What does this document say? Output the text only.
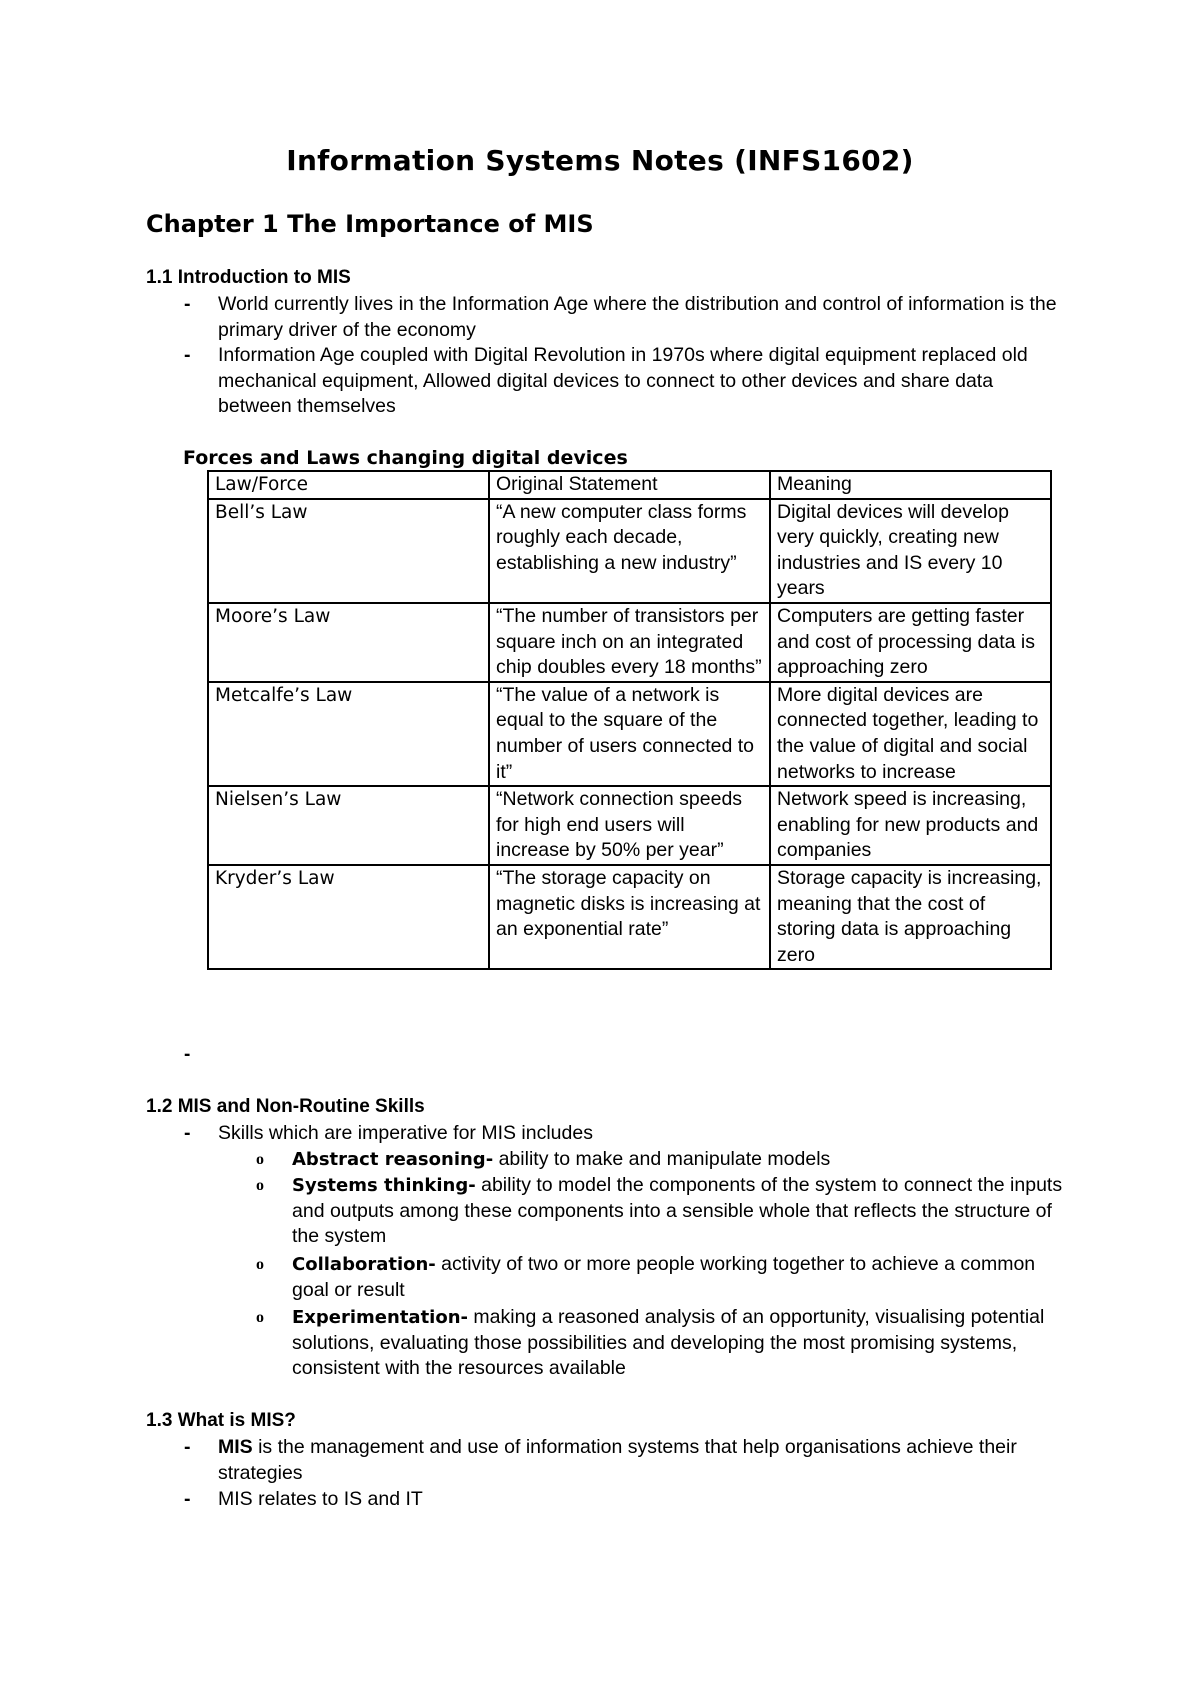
Information Systems Notes (INFS1602)
Chapter 1 The Importance of MIS
1.1 Introduction to MIS
- World currently lives in the Information Age where the distribution and control of information is the primary driver of the economy
- Information Age coupled with Digital Revolution in 1970s where digital equipment replaced old mechanical equipment, Allowed digital devices to connect to other devices and share data between themselves
Forces and Laws changing digital devices
Law/Force	Original Statement	Meaning
Bell’s Law	“A new computer class forms roughly each decade, establishing a new industry”	Digital devices will develop very quickly, creating new industries and IS every 10 years
Moore’s Law	“The number of transistors per square inch on an integrated chip doubles every 18 months”	Computers are getting faster and cost of processing data is approaching zero
Metcalfe’s Law	“The value of a network is equal to the square of the number of users connected to it”	More digital devices are connected together, leading to the value of digital and social networks to increase
Nielsen’s Law	“Network connection speeds for high end users will increase by 50% per year”	Network speed is increasing, enabling for new products and companies
Kryder’s Law	“The storage capacity on magnetic disks is increasing at an exponential rate”	Storage capacity is increasing, meaning that the cost of storing data is approaching zero
-
1.2 MIS and Non-Routine Skills
- Skills which are imperative for MIS includes
o Abstract reasoning- ability to make and manipulate models
o Systems thinking- ability to model the components of the system to connect the inputs and outputs among these components into a sensible whole that reflects the structure of the system
o Collaboration- activity of two or more people working together to achieve a common goal or result
o Experimentation- making a reasoned analysis of an opportunity, visualising potential solutions, evaluating those possibilities and developing the most promising systems, consistent with the resources available
1.3 What is MIS?
- MIS is the management and use of information systems that help organisations achieve their strategies
- MIS relates to IS and IT
